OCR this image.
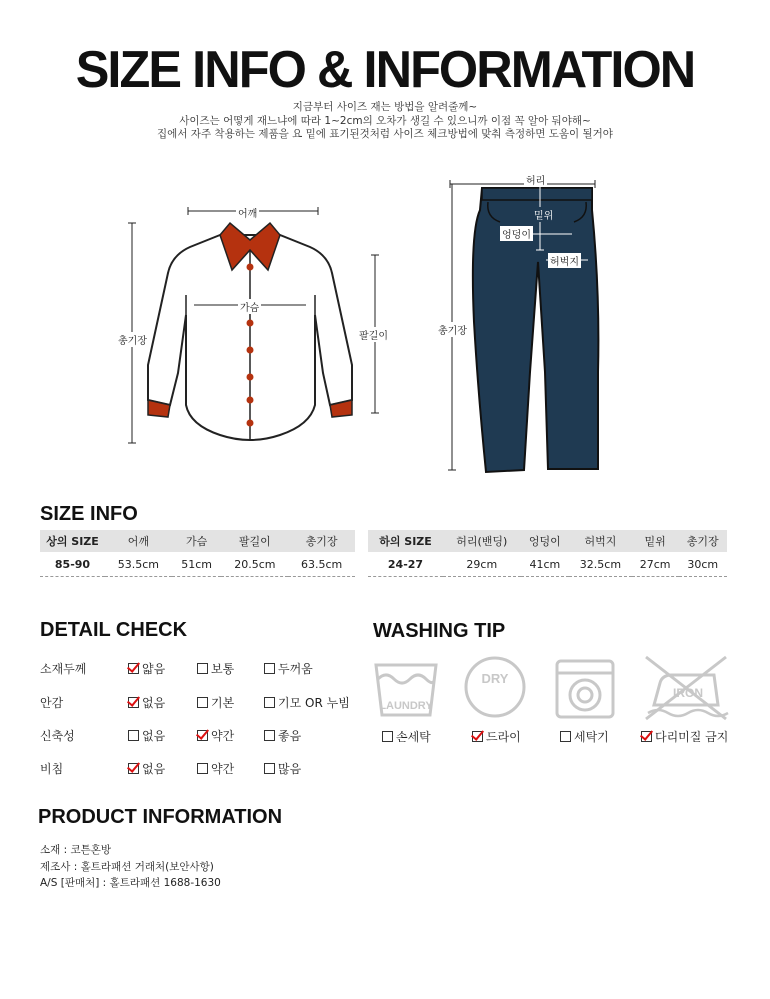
SIZE INFO & INFORMATION
지금부터 사이즈 재는 방법을 알려줄께~
사이즈는 어떻게 재느냐에 따라 1~2cm의 오차가 생길 수 있으니까 이점 꼭 알아 둬야해~
집에서 자주 착용하는 제품을 요 밑에 표기된것처럼 사이즈 체크방법에 맞춰 측정하면 도움이 될거야
어깨
가슴
팔길이
총기장
허리
밑위
엉덩이
허벅지
총기장
SIZE INFO
상의 SIZE	어깨	가슴	팔길이	총기장
85-90	53.5cm	51cm	20.5cm	63.5cm
하의 SIZE	허리(밴딩)	엉덩이	허벅지	밑위	총기장
24-27	29cm	41cm	32.5cm	27cm	30cm
DETAIL CHECK
소재두께	얇음	보통	두꺼움
안감	없음	기본	기모 OR 누빔
신축성	없음	약간	좋음
비침	없음	약간	많음
WASHING TIP
LAUNDRY
DRY
IRON
손세탁	드라이	세탁기	다리미질 금지
PRODUCT INFORMATION
소재 : 코튼혼방
제조사 : 홀트라패션 거래처(보안사항)
A/S [판매처] : 홀트라패션 1688-1630
